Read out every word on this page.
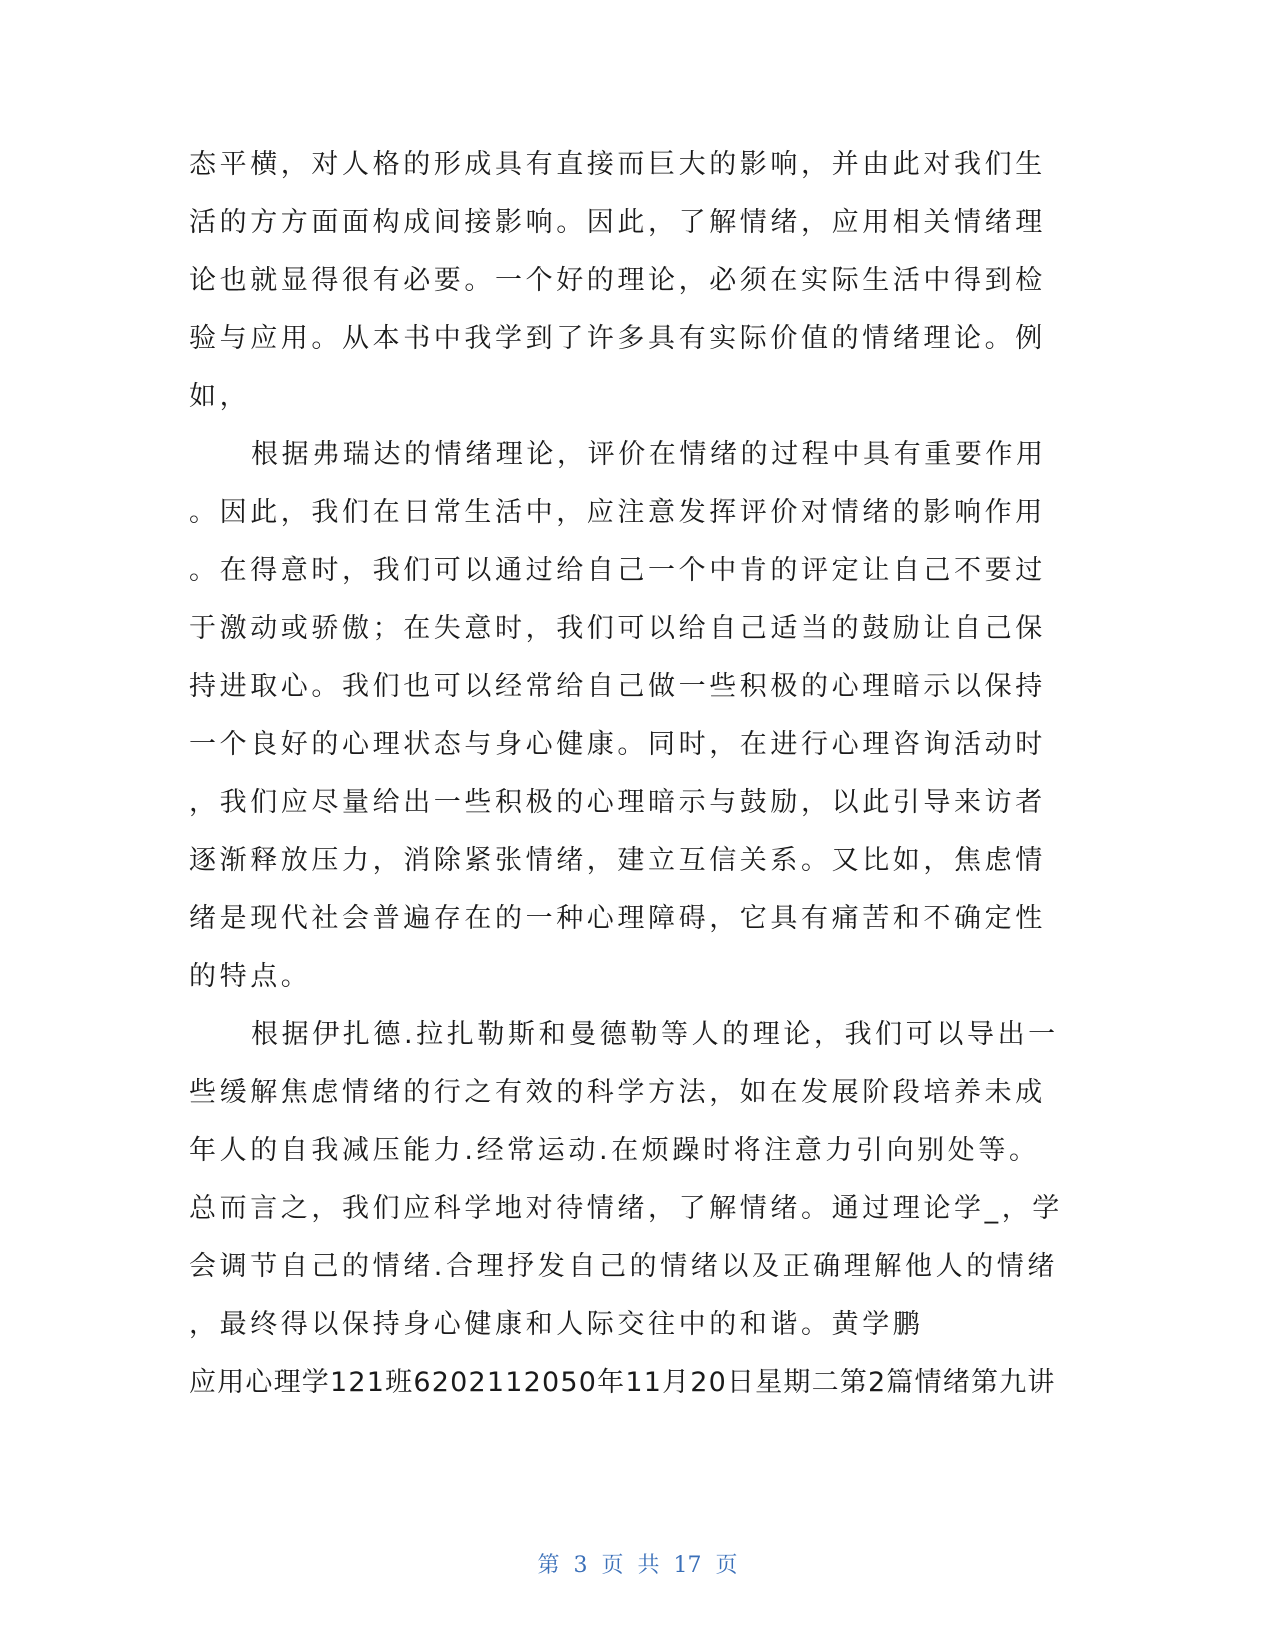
态平横，对人格的形成具有直接而巨大的影响，并由此对我们生
活的方方面面构成间接影响。因此，了解情绪，应用相关情绪理
论也就显得很有必要。一个好的理论，必须在实际生活中得到检
验与应用。从本书中我学到了许多具有实际价值的情绪理论。例
如，
根据弗瑞达的情绪理论，评价在情绪的过程中具有重要作用
。因此，我们在日常生活中，应注意发挥评价对情绪的影响作用
。在得意时，我们可以通过给自己一个中肯的评定让自己不要过
于激动或骄傲；在失意时，我们可以给自己适当的鼓励让自己保
持进取心。我们也可以经常给自己做一些积极的心理暗示以保持
一个良好的心理状态与身心健康。同时，在进行心理咨询活动时
，我们应尽量给出一些积极的心理暗示与鼓励，以此引导来访者
逐渐释放压力，消除紧张情绪，建立互信关系。又比如，焦虑情
绪是现代社会普遍存在的一种心理障碍，它具有痛苦和不确定性
的特点。
根据伊扎德.拉扎勒斯和曼德勒等人的理论，我们可以导出一
些缓解焦虑情绪的行之有效的科学方法，如在发展阶段培养未成
年人的自我减压能力.经常运动.在烦躁时将注意力引向别处等。
总而言之，我们应科学地对待情绪，了解情绪。通过理论学_，学
会调节自己的情绪.合理抒发自己的情绪以及正确理解他人的情绪
，最终得以保持身心健康和人际交往中的和谐。黄学鹏
应用心理学121班6202112050年11月20日星期二第2篇情绪第九讲
第 3 页 共 17 页
